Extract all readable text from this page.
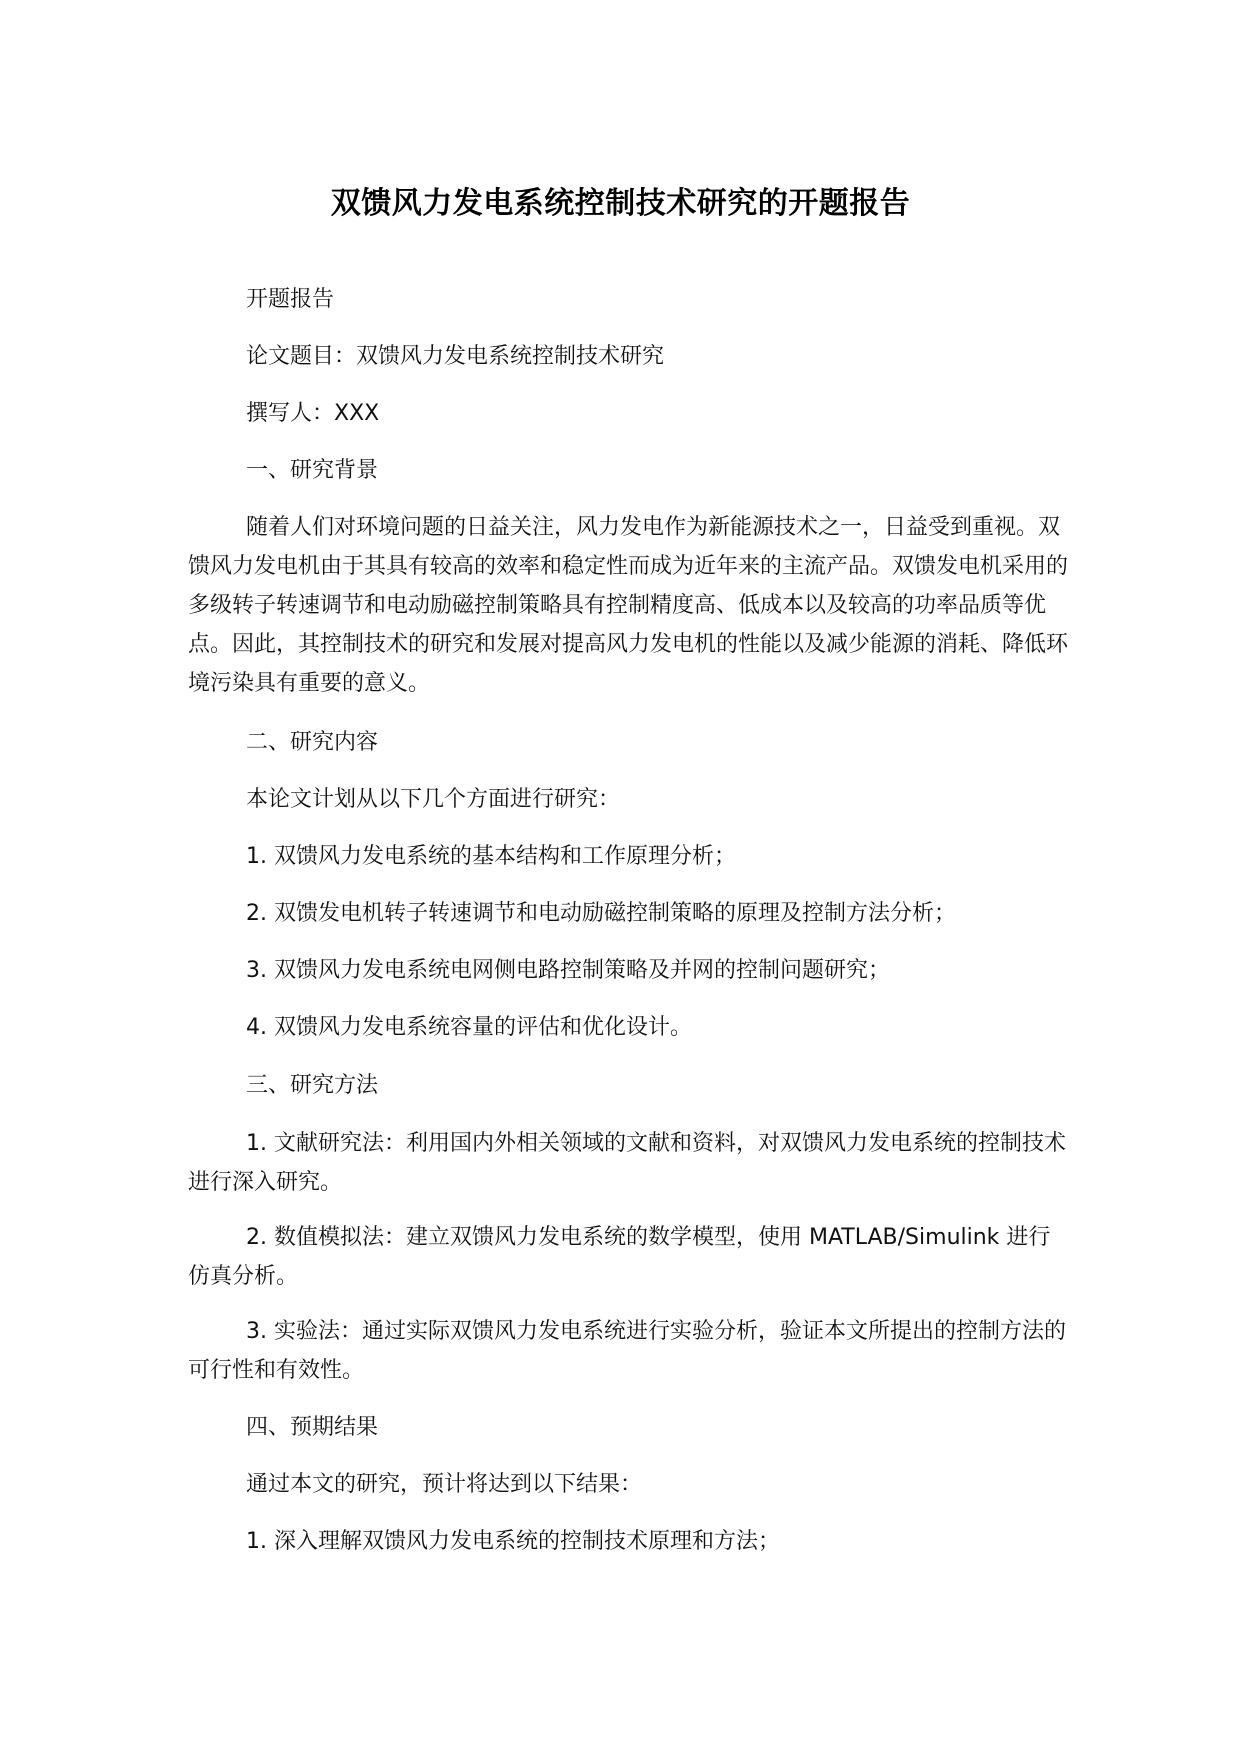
双馈风力发电系统控制技术研究的开题报告
开题报告
论文题目：双馈风力发电系统控制技术研究
撰写人：XXX
一、研究背景
随着人们对环境问题的日益关注，风力发电作为新能源技术之一，日益受到重视。双馈风力发电机由于其具有较高的效率和稳定性而成为近年来的主流产品。双馈发电机采用的多级转子转速调节和电动励磁控制策略具有控制精度高、低成本以及较高的功率品质等优点。因此，其控制技术的研究和发展对提高风力发电机的性能以及减少能源的消耗、降低环境污染具有重要的意义。
二、研究内容
本论文计划从以下几个方面进行研究：
1. 双馈风力发电系统的基本结构和工作原理分析；
2. 双馈发电机转子转速调节和电动励磁控制策略的原理及控制方法分析；
3. 双馈风力发电系统电网侧电路控制策略及并网的控制问题研究；
4. 双馈风力发电系统容量的评估和优化设计。
三、研究方法
1. 文献研究法：利用国内外相关领域的文献和资料，对双馈风力发电系统的控制技术进行深入研究。
2. 数值模拟法：建立双馈风力发电系统的数学模型，使用 MATLAB/Simulink 进行仿真分析。
3. 实验法：通过实际双馈风力发电系统进行实验分析，验证本文所提出的控制方法的可行性和有效性。
四、预期结果
通过本文的研究，预计将达到以下结果：
1. 深入理解双馈风力发电系统的控制技术原理和方法；
